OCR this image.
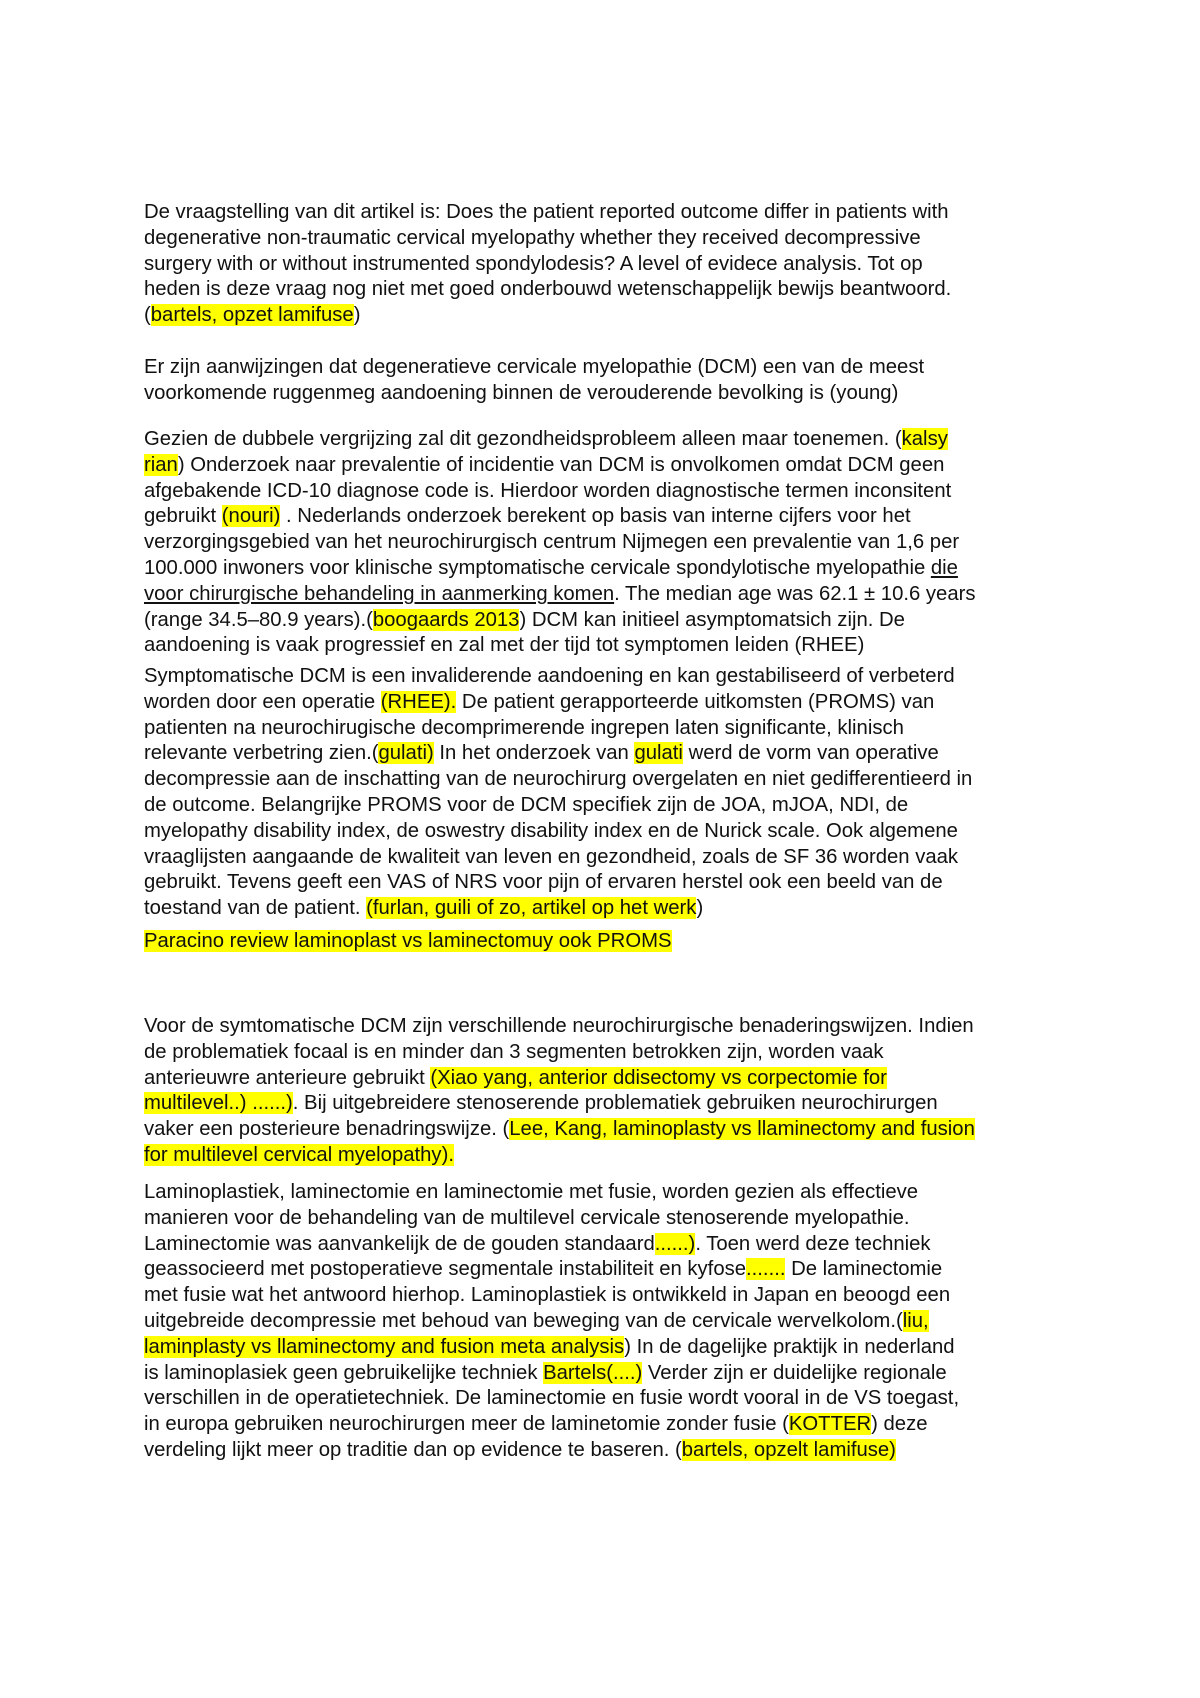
De vraagstelling van dit artikel is: Does the patient reported outcome differ in patients with
degenerative non-traumatic cervical myelopathy whether they received decompressive
surgery with or without instrumented spondylodesis? A level of evidece analysis. Tot op
heden is deze vraag nog niet met goed onderbouwd wetenschappelijk bewijs beantwoord.
(bartels, opzet lamifuse)
Er zijn aanwijzingen dat degeneratieve cervicale myelopathie (DCM) een van de meest
voorkomende ruggenmeg aandoening binnen de verouderende bevolking is (young)
Gezien de dubbele vergrijzing zal dit gezondheidsprobleem alleen maar toenemen. (kalsy
rian) Onderzoek naar prevalentie of incidentie van DCM is onvolkomen omdat DCM geen
afgebakende ICD-10 diagnose code is. Hierdoor worden diagnostische termen inconsitent
gebruikt (nouri) . Nederlands onderzoek berekent op basis van interne cijfers voor het
verzorgingsgebied van het neurochirurgisch centrum Nijmegen een prevalentie van 1,6 per
100.000 inwoners voor klinische symptomatische cervicale spondylotische myelopathie die
voor chirurgische behandeling in aanmerking komen. The median age was 62.1 ± 10.6 years
(range 34.5–80.9 years).(boogaards 2013) DCM kan initieel asymptomatsich zijn. De
aandoening is vaak progressief en zal met der tijd tot symptomen leiden (RHEE)
Symptomatische DCM is een invaliderende aandoening en kan gestabiliseerd of verbeterd
worden door een operatie (RHEE). De patient gerapporteerde uitkomsten (PROMS) van
patienten na neurochirugische decomprimerende ingrepen laten significante, klinisch
relevante verbetring zien.(gulati) In het onderzoek van gulati werd de vorm van operative
decompressie aan de inschatting van de neurochirurg overgelaten en niet gedifferentieerd in
de outcome. Belangrijke PROMS voor de DCM specifiek zijn de JOA, mJOA, NDI, de
myelopathy disability index, de oswestry disability index en de Nurick scale. Ook algemene
vraaglijsten aangaande de kwaliteit van leven en gezondheid, zoals de SF 36 worden vaak
gebruikt. Tevens geeft een VAS of NRS voor pijn of ervaren herstel ook een beeld van de
toestand van de patient. (furlan, guili of zo, artikel op het werk)
Paracino review laminoplast vs laminectomuy ook PROMS
Voor de symtomatische DCM zijn verschillende neurochirurgische benaderingswijzen. Indien
de problematiek focaal is en minder dan 3 segmenten betrokken zijn, worden vaak
anterieuwre anterieure gebruikt (Xiao yang, anterior ddisectomy vs corpectomie for
multilevel..) ......). Bij uitgebreidere stenoserende problematiek gebruiken neurochirurgen
vaker een posterieure benadringswijze. (Lee, Kang, laminoplasty vs llaminectomy and fusion
for multilevel cervical myelopathy).
Laminoplastiek, laminectomie en laminectomie met fusie, worden gezien als effectieve
manieren voor de behandeling van de multilevel cervicale stenoserende myelopathie.
Laminectomie was aanvankelijk de de gouden standaard......). Toen werd deze techniek
geassocieerd met postoperatieve segmentale instabiliteit en kyfose....... De laminectomie
met fusie wat het antwoord hierhop. Laminoplastiek is ontwikkeld in Japan en beoogd een
uitgebreide decompressie met behoud van beweging van de cervicale wervelkolom.(liu,
laminplasty vs llaminectomy and fusion meta analysis) In de dagelijke praktijk in nederland
is laminoplasiek geen gebruikelijke techniek Bartels(....) Verder zijn er duidelijke regionale
verschillen in de operatietechniek. De laminectomie en fusie wordt vooral in de VS toegast,
in europa gebruiken neurochirurgen meer de laminetomie zonder fusie (KOTTER) deze
verdeling lijkt meer op traditie dan op evidence te baseren. (bartels, opzelt lamifuse)
